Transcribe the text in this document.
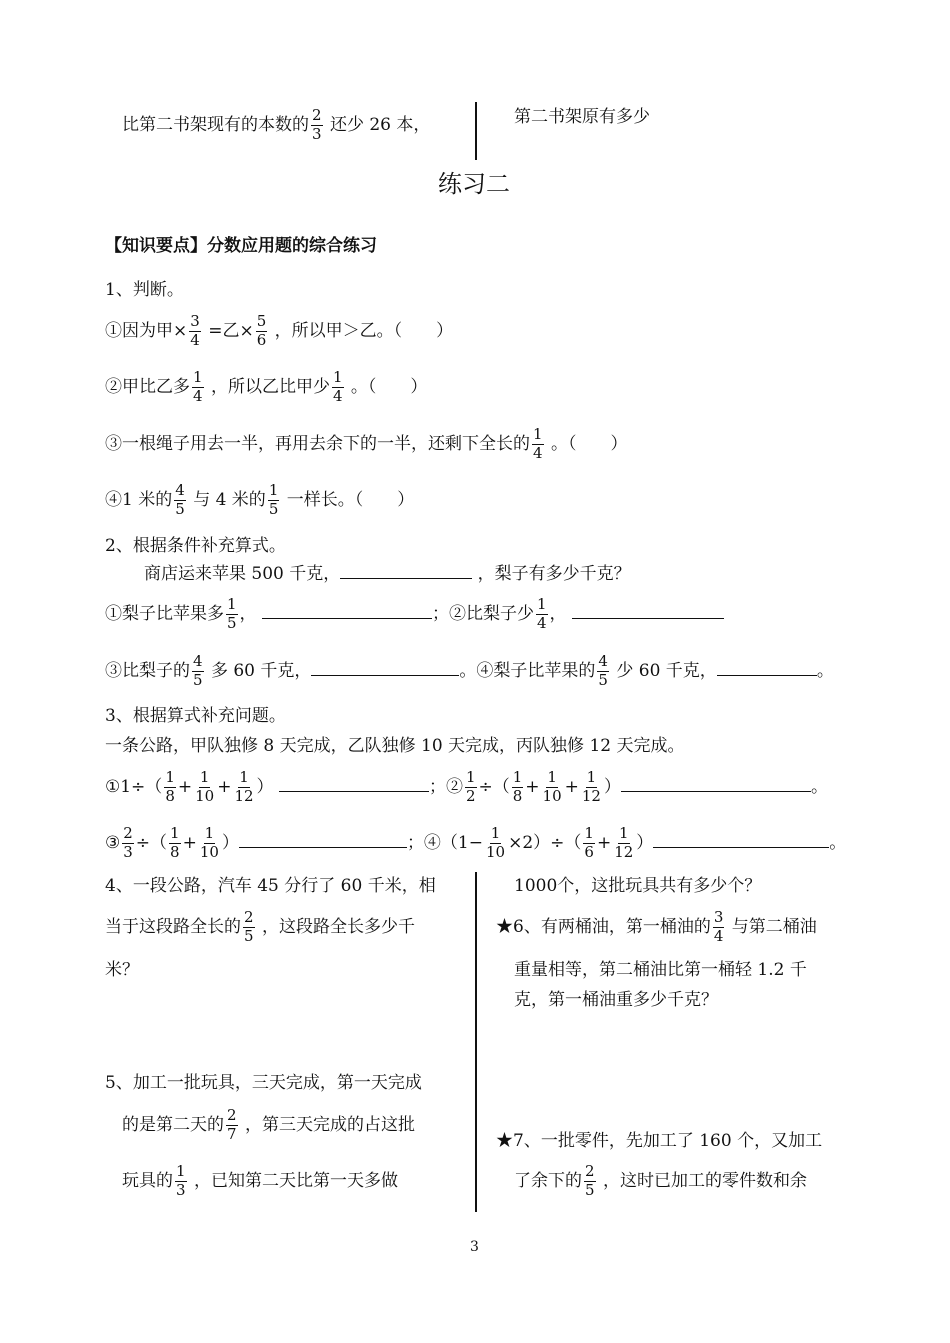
比第二书架现有的本数的 $\frac{2}{3}$ 还少 26 本，	第二书架原有多少
练习二
【知识要点】分数应用题的综合练习
1、判断。
①因为甲× $\frac{3}{4}$ =乙× $\frac{5}{6}$ ，所以甲＞乙。（　　）
②甲比乙多 $\frac{1}{4}$ ，所以乙比甲少 $\frac{1}{4}$ 。（　　）
③一根绳子用去一半，再用去余下的一半，还剩下全长的 $\frac{1}{4}$ 。（　　）
④1 米的 $\frac{4}{5}$ 与 4 米的 $\frac{1}{5}$ 一样长。（　　）
2、根据条件补充算式。
商店运来苹果 500 千克，	，梨子有多少千克？
①梨子比苹果多 $\frac{1}{5}$ ，	；②比梨子少 $\frac{1}{4}$ ，
③比梨子的 $\frac{4}{5}$ 多 60 千克，	。④梨子比苹果的 $\frac{4}{5}$ 少 60 千克，	。
3、根据算式补充问题。
一条公路，甲队独修 8 天完成，乙队独修 10 天完成，丙队独修 12 天完成。
①1÷（ $\frac{1}{8} + \frac{1}{10} + \frac{1}{12}$ ）	；② $\frac{1}{2}$ ÷（ $\frac{1}{8} + \frac{1}{10} + \frac{1}{12}$ ）	。
③ $\frac{2}{3}$ ÷（ $\frac{1}{8} + \frac{1}{10}$ ）	；④（1− $\frac{1}{10} \times 2)\div( \frac{1}{6} + \frac{1}{12}$ ）	。
4、一段公路，汽车 45 分行了 60 千米，相
当于这段路全长的 $\frac{2}{5}$ ，这段路全长多少千
米？
5、加工一批玩具，三天完成，第一天完成
的是第二天的 $\frac{2}{7}$ ，第三天完成的占这批
玩具的 $\frac{1}{3}$ ，已知第二天比第一天多做
1000个，这批玩具共有多少个？
★6、有两桶油，第一桶油的 $\frac{3}{4}$ 与第二桶油
重量相等，第二桶油比第一桶轻 1.2 千
克，第一桶油重多少千克？
★7、一批零件，先加工了 160 个，又加工
了余下的 $\frac{2}{5}$ ，这时已加工的零件数和余
3
